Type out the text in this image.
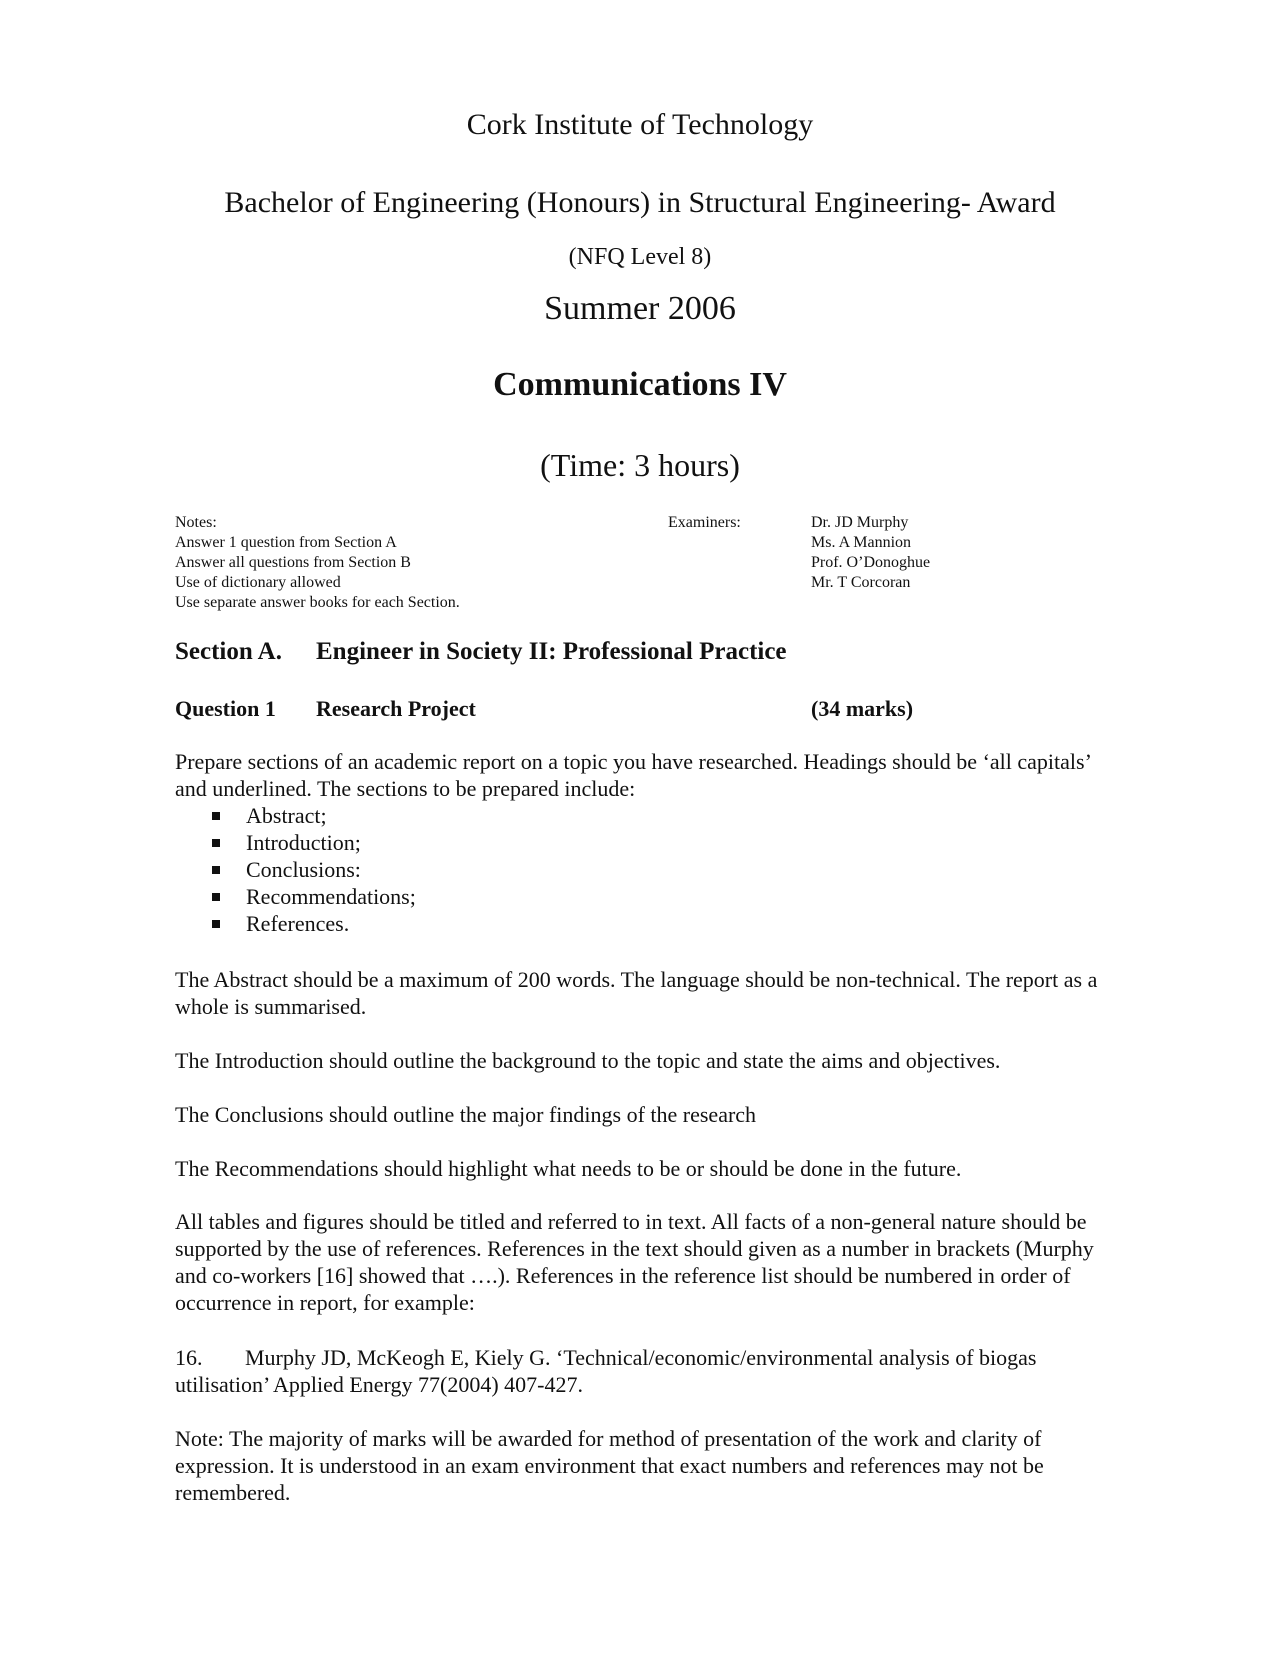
Cork Institute of Technology
Bachelor of Engineering (Honours) in Structural Engineering- Award
(NFQ Level 8)
Summer 2006
Communications IV
(Time: 3 hours)
Notes:
Answer 1 question from Section A
Answer all questions from Section B
Use of dictionary allowed
Use separate answer books for each Section.
Examiners:	Dr. JD Murphy
Ms. A Mannion
Prof. O’Donoghue
Mr. T Corcoran
Section A. Engineer in Society II: Professional Practice
Question 1 Research Project	(34 marks)
Prepare sections of an academic report on a topic you have researched. Headings should be ‘all capitals’ and underlined. The sections to be prepared include:
Abstract;
Introduction;
Conclusions:
Recommendations;
References.
The Abstract should be a maximum of 200 words. The language should be non-technical. The report as a whole is summarised.
The Introduction should outline the background to the topic and state the aims and objectives.
The Conclusions should outline the major findings of the research
The Recommendations should highlight what needs to be or should be done in the future.
All tables and figures should be titled and referred to in text. All facts of a non-general nature should be supported by the use of references. References in the text should given as a number in brackets (Murphy and co-workers [16] showed that ….). References in the reference list should be numbered in order of occurrence in report, for example:
16. Murphy JD, McKeogh E, Kiely G. ‘Technical/economic/environmental analysis of biogas utilisation’ Applied Energy 77(2004) 407-427.
Note: The majority of marks will be awarded for method of presentation of the work and clarity of expression. It is understood in an exam environment that exact numbers and references may not be remembered.
